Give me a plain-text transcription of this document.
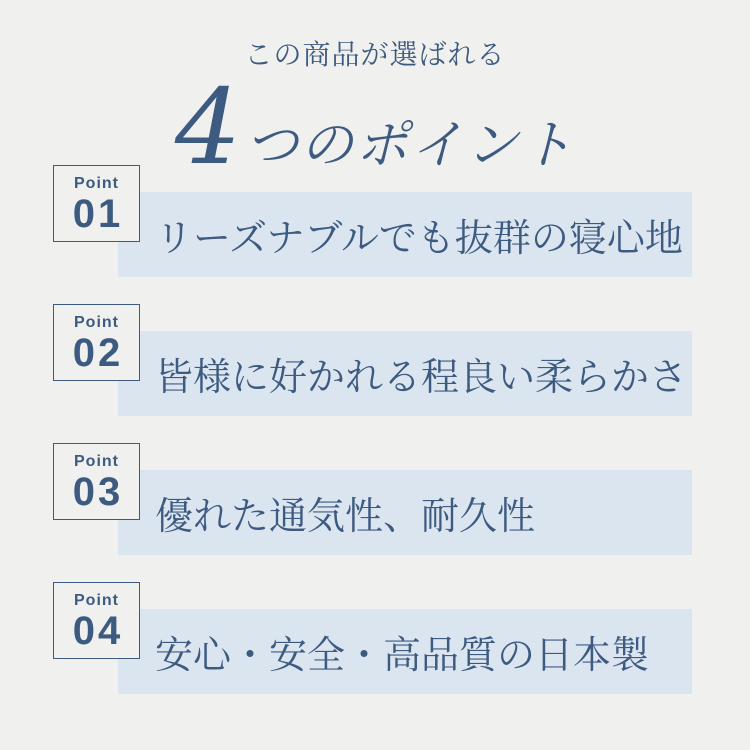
この商品が選ばれる
4 つのポイント
Point
01
リーズナブルでも抜群の寝心地
Point
02
皆様に好かれる程良い柔らかさ
Point
03
優れた通気性、耐久性
Point
04
安心・安全・高品質の日本製
